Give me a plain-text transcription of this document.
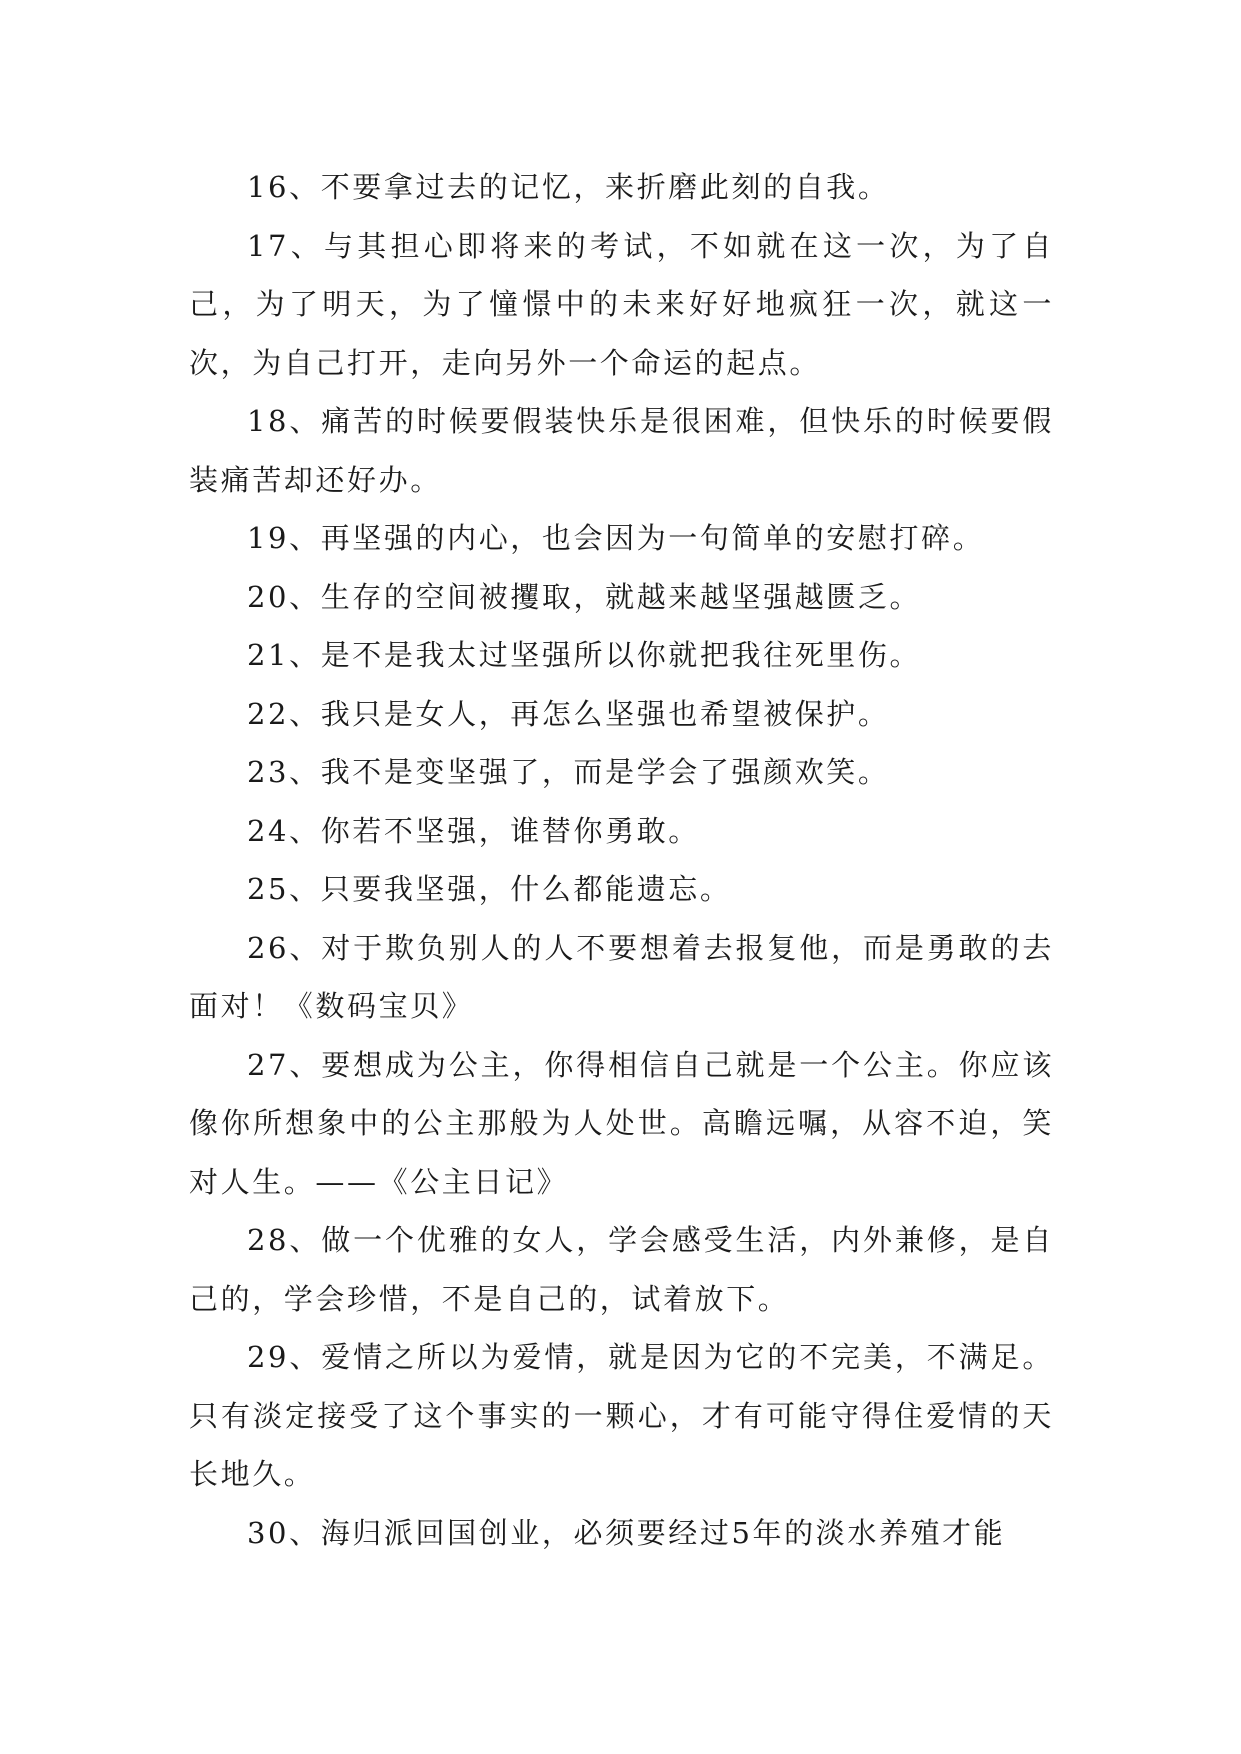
16、不要拿过去的记忆，来折磨此刻的自我。

17、与其担心即将来的考试，不如就在这一次，为了自己，为了明天，为了憧憬中的未来好好地疯狂一次，就这一次，为自己打开，走向另外一个命运的起点。

18、痛苦的时候要假装快乐是很困难，但快乐的时候要假装痛苦却还好办。

19、再坚强的内心，也会因为一句简单的安慰打碎。

20、生存的空间被攫取，就越来越坚强越匮乏。

21、是不是我太过坚强所以你就把我往死里伤。

22、我只是女人，再怎么坚强也希望被保护。

23、我不是变坚强了，而是学会了强颜欢笑。

24、你若不坚强，谁替你勇敢。

25、只要我坚强，什么都能遗忘。

26、对于欺负别人的人不要想着去报复他，而是勇敢的去面对！《数码宝贝》

27、要想成为公主，你得相信自己就是一个公主。你应该像你所想象中的公主那般为人处世。高瞻远嘱，从容不迫，笑对人生。——《公主日记》

28、做一个优雅的女人，学会感受生活，内外兼修，是自己的，学会珍惜，不是自己的，试着放下。

29、爱情之所以为爱情，就是因为它的不完美，不满足。只有淡定接受了这个事实的一颗心，才有可能守得住爱情的天长地久。

30、海归派回国创业，必须要经过5年的淡水养殖才能
